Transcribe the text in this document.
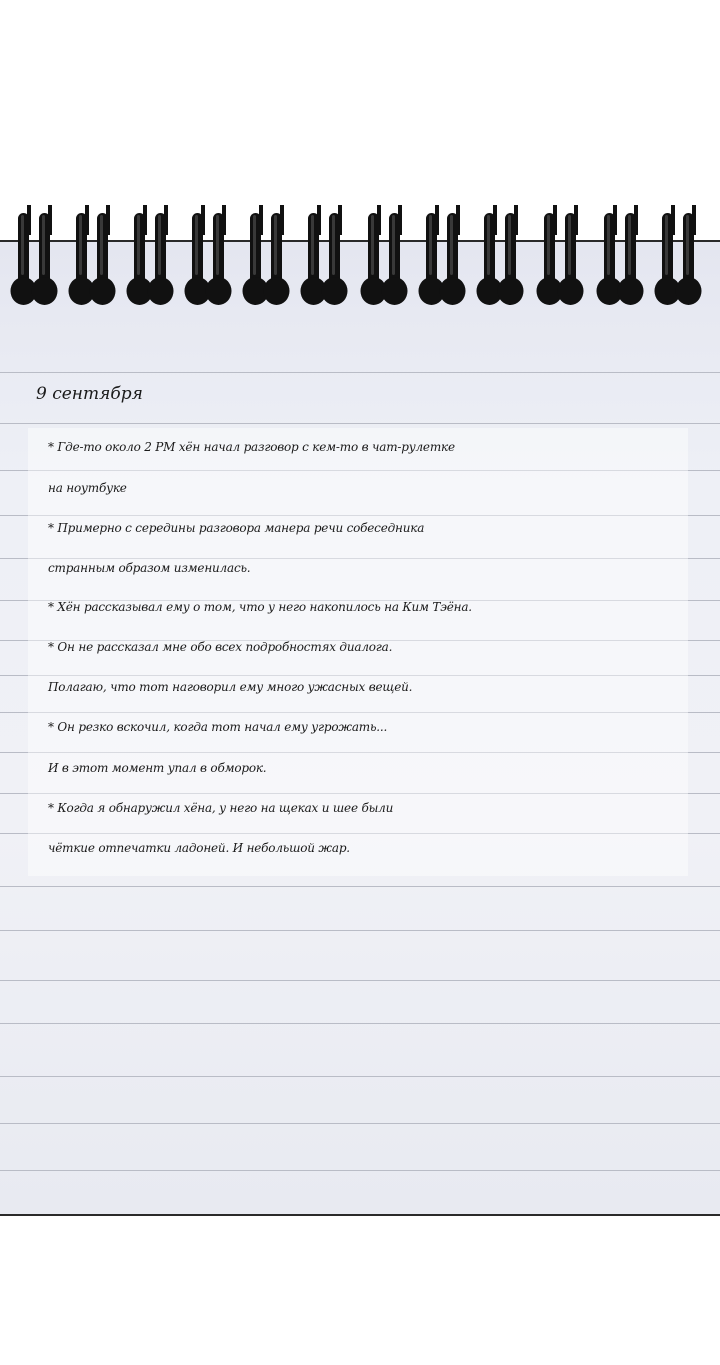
9 сентября
* Где-то около 2 PM хён начал разговор с кем-то в чат-рулетке
на ноутбуке
* Примерно с середины разговора манера речи собеседника
странным образом изменилась.
* Хён рассказывал ему о том, что у него накопилось на Ким Тэёна.
* Он не рассказал мне обо всех подробностях диалога.
Полагаю, что тот наговорил ему много ужасных вещей.
* Он резко вскочил, когда тот начал ему угрожать...
И в этот момент упал в обморок.
* Когда я обнаружил хёна, у него на щеках и шее были
чёткие отпечатки ладоней. И небольшой жар.
